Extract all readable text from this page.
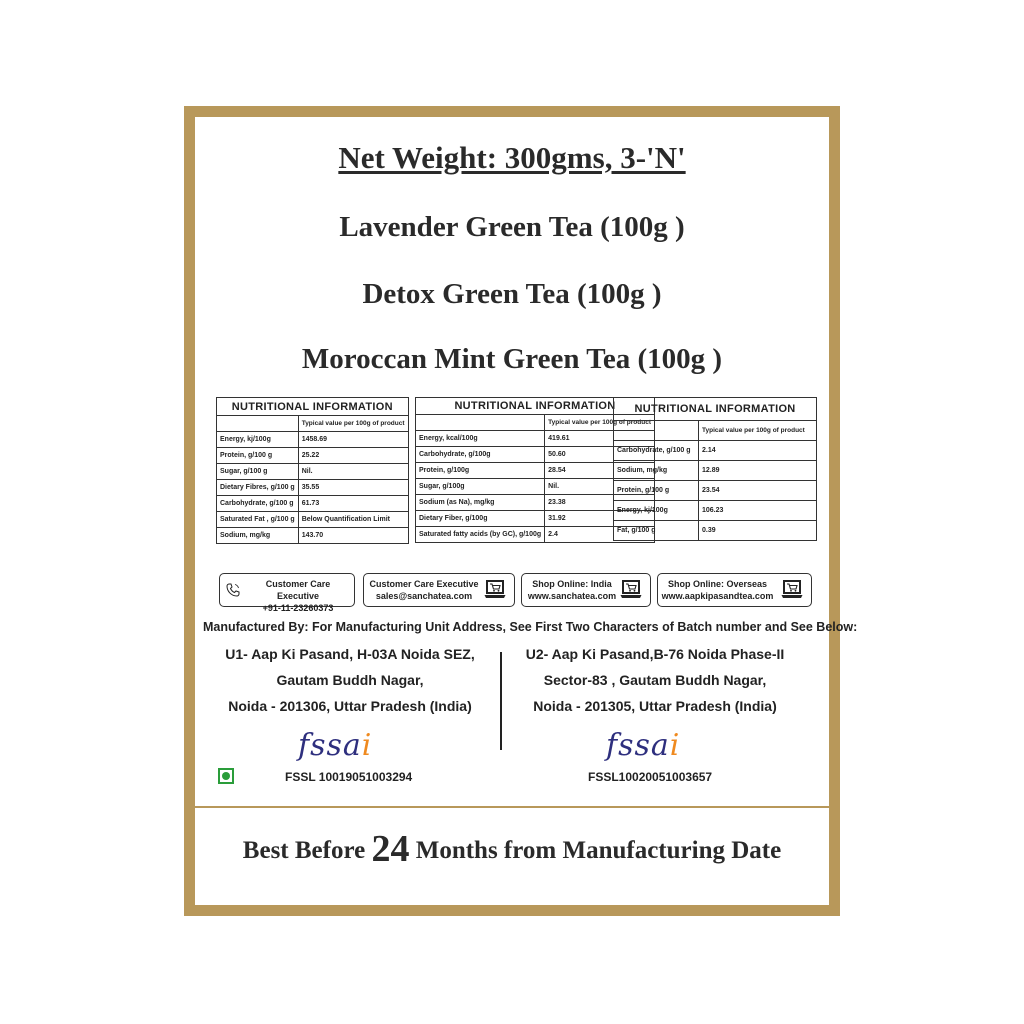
Net Weight: 300gms, 3-'N'
Lavender Green Tea (100g )
Detox Green Tea (100g )
Moroccan Mint Green Tea (100g )
NUTRITIONAL INFORMATION	
	Typical value per 100g of product
Energy, kj/100g	1458.69
Protein, g/100 g	25.22
Sugar, g/100 g	Nil.
Dietary Fibres, g/100 g	35.55
Carbohydrate, g/100 g	61.73
Saturated Fat , g/100 g	Below Quantification Limit
Sodium, mg/kg	143.70
NUTRITIONAL INFORMATION	
	Typical value per 100g of product
Energy, kcal/100g	419.61
Carbohydrate, g/100g	50.60
Protein, g/100g	28.54
Sugar, g/100g	Nil.
Sodium (as Na), mg/kg	23.38
Dietary Fiber, g/100g	31.92
Saturated fatty acids (by GC), g/100g	2.4
NUTRITIONAL INFORMATION	
	Typical value per 100g of product
Carbohydrate, g/100 g	2.14
Sodium, mg/kg	12.89
Protein, g/100 g	23.54
Energy, kj/100g	106.23
Fat, g/100 g	0.39
Customer Care Executive
+91-11-23260373
Customer Care Executive
sales@sanchatea.com
Shop Online: India
www.sanchatea.com
Shop Online: Overseas
www.aapkipasandtea.com
Manufactured By: For Manufacturing Unit Address, See First Two Characters of Batch number and See Below:
U1- Aap Ki Pasand, H-03A Noida SEZ,
Gautam Buddh Nagar,
Noida - 201306, Uttar Pradesh (India)
U2- Aap Ki Pasand,B-76 Noida Phase-II
Sector-83 , Gautam Buddh Nagar,
Noida - 201305, Uttar Pradesh (India)
fssai	fssai
FSSL 10019051003294	FSSL10020051003657
Best Before 24 Months from Manufacturing Date
